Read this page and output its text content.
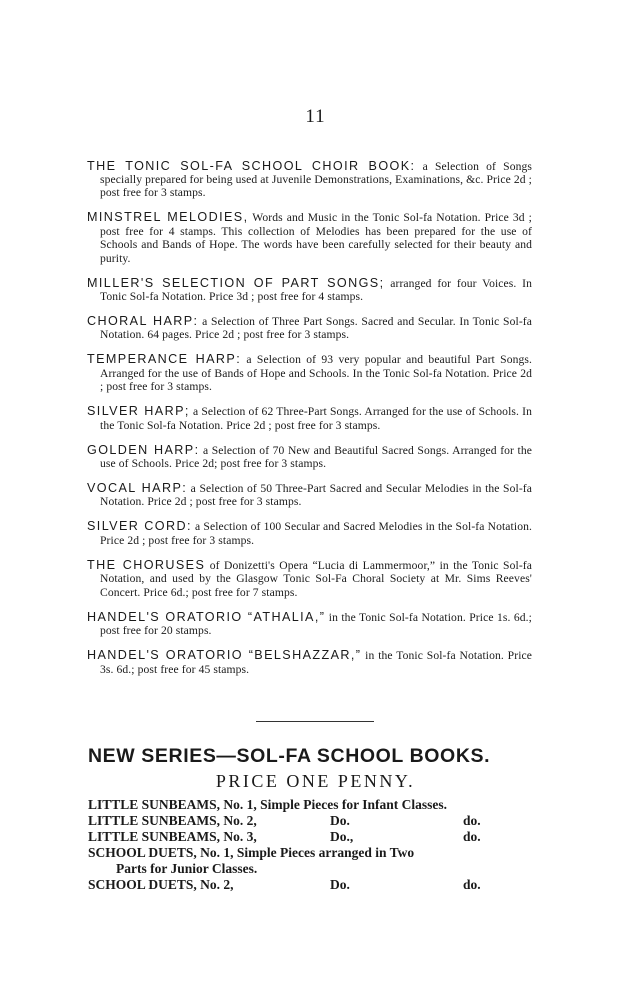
11

THE TONIC SOL-FA SCHOOL CHOIR BOOK: a Selection of Songs specially prepared for being used at Juvenile Demonstrations, Examinations, &c. Price 2d ; post free for 3 stamps.

MINSTREL MELODIES, Words and Music in the Tonic Sol-fa Notation. Price 3d ; post free for 4 stamps. This collection of Melodies has been prepared for the use of Schools and Bands of Hope. The words have been carefully selected for their beauty and purity.

MILLER'S SELECTION OF PART SONGS; arranged for four Voices. In Tonic Sol-fa Notation. Price 3d ; post free for 4 stamps.

CHORAL HARP: a Selection of Three Part Songs. Sacred and Secular. In Tonic Sol-fa Notation. 64 pages. Price 2d ; post free for 3 stamps.

TEMPERANCE HARP: a Selection of 93 very popular and beautiful Part Songs. Arranged for the use of Bands of Hope and Schools. In the Tonic Sol-fa Notation. Price 2d ; post free for 3 stamps.

SILVER HARP; a Selection of 62 Three-Part Songs. Arranged for the use of Schools. In the Tonic Sol-fa Notation. Price 2d ; post free for 3 stamps.

GOLDEN HARP: a Selection of 70 New and Beautiful Sacred Songs. Arranged for the use of Schools. Price 2d; post free for 3 stamps.

VOCAL HARP: a Selection of 50 Three-Part Sacred and Secular Melodies in the Sol-fa Notation. Price 2d ; post free for 3 stamps.

SILVER CORD: a Selection of 100 Secular and Sacred Melodies in the Sol-fa Notation. Price 2d ; post free for 3 stamps.

THE CHORUSES of Donizetti's Opera “Lucia di Lammermoor,” in the Tonic Sol-fa Notation, and used by the Glasgow Tonic Sol-Fa Choral Society at Mr. Sims Reeves' Concert. Price 6d.; post free for 7 stamps.

HANDEL'S ORATORIO “ATHALIA,” in the Tonic Sol-fa Notation. Price 1s. 6d.; post free for 20 stamps.

HANDEL'S ORATORIO “BELSHAZZAR,” in the Tonic Sol-fa Notation. Price 3s. 6d.; post free for 45 stamps.

NEW SERIES—SOL-FA SCHOOL BOOKS.
PRICE ONE PENNY.
LITTLE SUNBEAMS, No. 1, Simple Pieces for Infant Classes.
LITTLE SUNBEAMS, No. 2,	Do.	do.
LITTLE SUNBEAMS, No. 3,	Do.,	do.
SCHOOL DUETS, No. 1, Simple Pieces arranged in Two
Parts for Junior Classes.
SCHOOL DUETS, No. 2,	Do.	do.
